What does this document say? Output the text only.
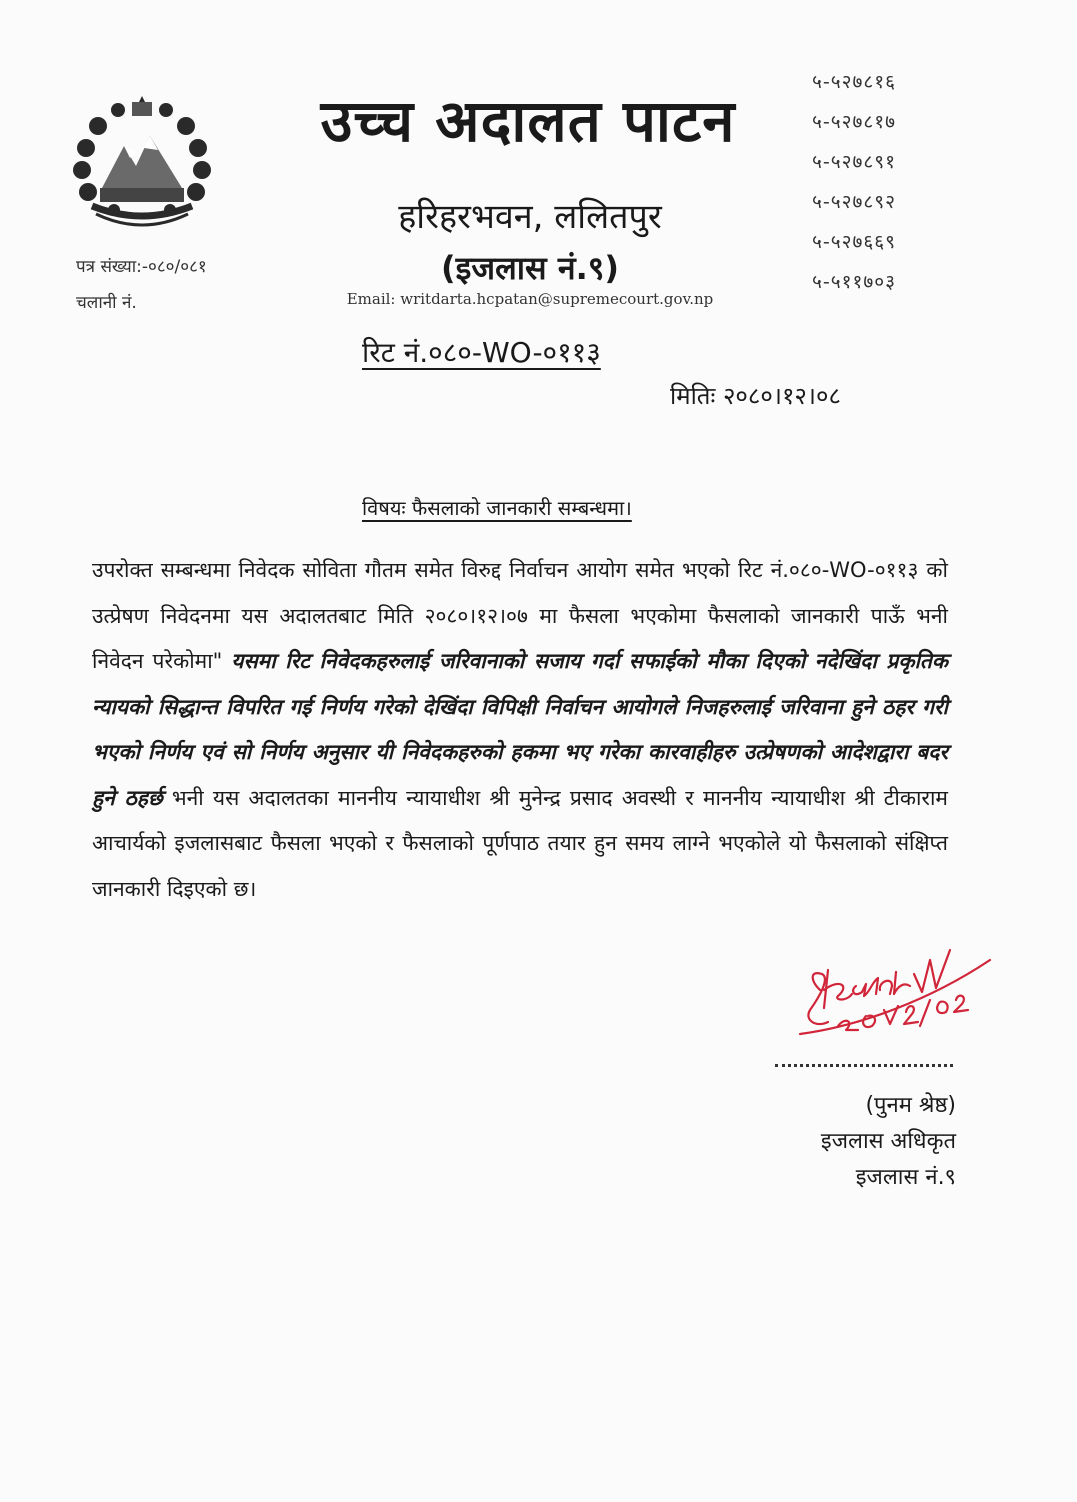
उच्च अदालत पाटन
हरिहरभवन, ललितपुर
(इजलास नं.९)
Email: writdarta.hcpatan@supremecourt.gov.np
५-५२७८१६
५-५२७८१७
५-५२७८९१
५-५२७८९२
५-५२७६६९
५-५११७०३
पत्र संख्या:-०८०/०८१
चलानी नं.
रिट नं.०८०-WO-०११३
मितिः २०८०।१२।०८
विषयः फैसलाको जानकारी सम्बन्धमा।
उपरोक्त सम्बन्धमा निवेदक सोविता गौतम समेत विरुद्द निर्वाचन आयोग समेत भएको रिट नं.०८०-WO-०११३ को उत्प्रेषण निवेदनमा यस अदालतबाट मिति २०८०।१२।०७ मा फैसला भएकोमा फैसलाको जानकारी पाऊँ भनी निवेदन परेकोमा" यसमा रिट निवेदकहरुलाई जरिवानाको सजाय गर्दा सफाईको मौका दिएको नदेखिंदा प्रकृतिक न्यायको सिद्धान्त विपरित गई निर्णय गरेको देखिंदा विपिक्षी निर्वाचन आयोगले निजहरुलाई जरिवाना हुने ठहर गरी भएको निर्णय एवं सो निर्णय अनुसार यी निवेदकहरुको हकमा भए गरेका कारवाहीहरु उत्प्रेषणको आदेशद्वारा बदर हुने ठहर्छ भनी यस अदालतका माननीय न्यायाधीश श्री मुनेन्द्र प्रसाद अवस्थी र माननीय न्यायाधीश श्री टीकाराम आचार्यको इजलासबाट फैसला भएको र फैसलाको पूर्णपाठ तयार हुन समय लाग्ने भएकोले यो फैसलाको संक्षिप्त जानकारी दिइएको छ।
(पुनम श्रेष्ठ)
इजलास अधिकृत
इजलास नं.९
